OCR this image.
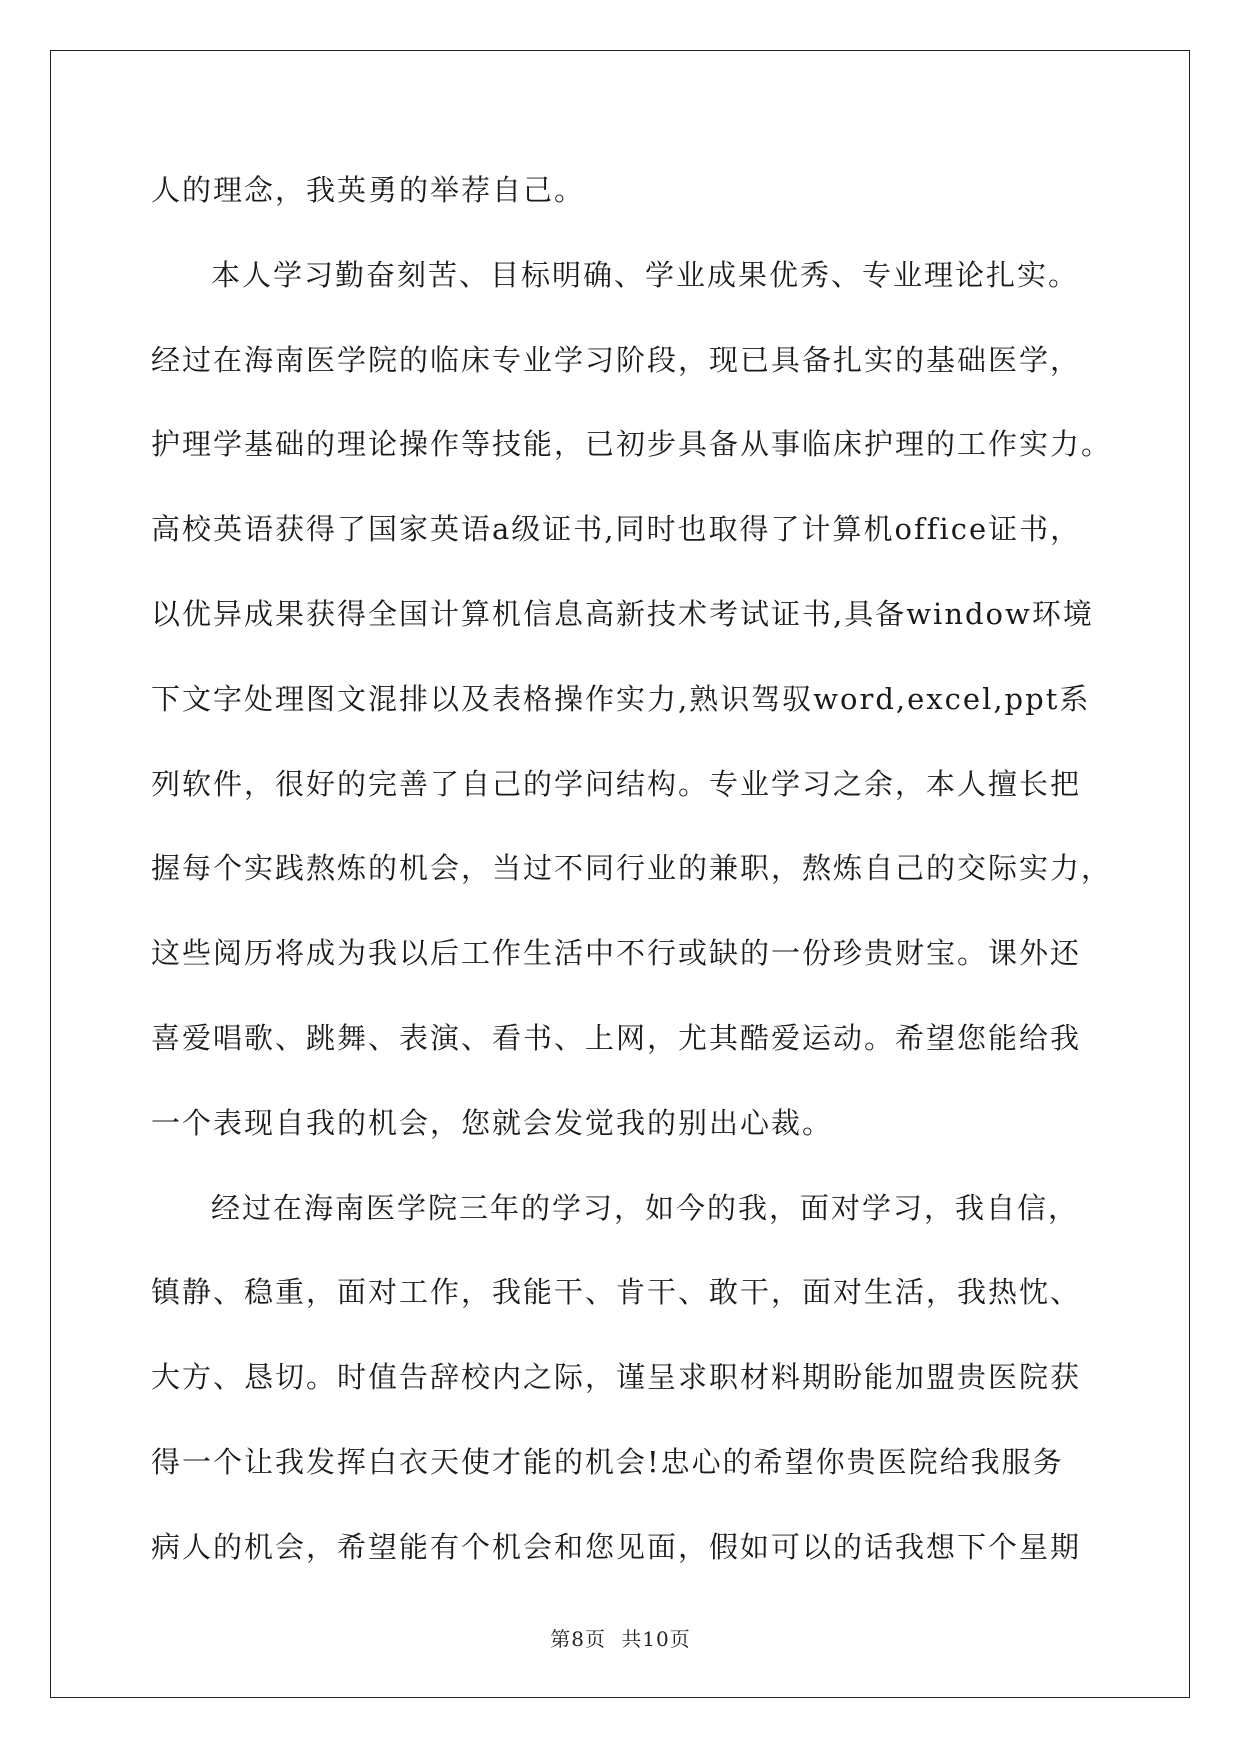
人的理念，我英勇的举荐自己。
本人学习勤奋刻苦、目标明确、学业成果优秀、专业理论扎实。
经过在海南医学院的临床专业学习阶段，现已具备扎实的基础医学，
护理学基础的理论操作等技能，已初步具备从事临床护理的工作实力。
高校英语获得了国家英语a级证书,同时也取得了计算机office证书，
以优异成果获得全国计算机信息高新技术考试证书,具备window环境
下文字处理图文混排以及表格操作实力,熟识驾驭word,excel,ppt系
列软件，很好的完善了自己的学问结构。专业学习之余，本人擅长把
握每个实践熬炼的机会，当过不同行业的兼职，熬炼自己的交际实力，
这些阅历将成为我以后工作生活中不行或缺的一份珍贵财宝。课外还
喜爱唱歌、跳舞、表演、看书、上网，尤其酷爱运动。希望您能给我
一个表现自我的机会，您就会发觉我的别出心裁。
经过在海南医学院三年的学习，如今的我，面对学习，我自信，
镇静、稳重，面对工作，我能干、肯干、敢干，面对生活，我热忱、
大方、恳切。时值告辞校内之际，谨呈求职材料期盼能加盟贵医院获
得一个让我发挥白衣天使才能的机会!忠心的希望你贵医院给我服务
病人的机会，希望能有个机会和您见面，假如可以的话我想下个星期
第8页 共10页
